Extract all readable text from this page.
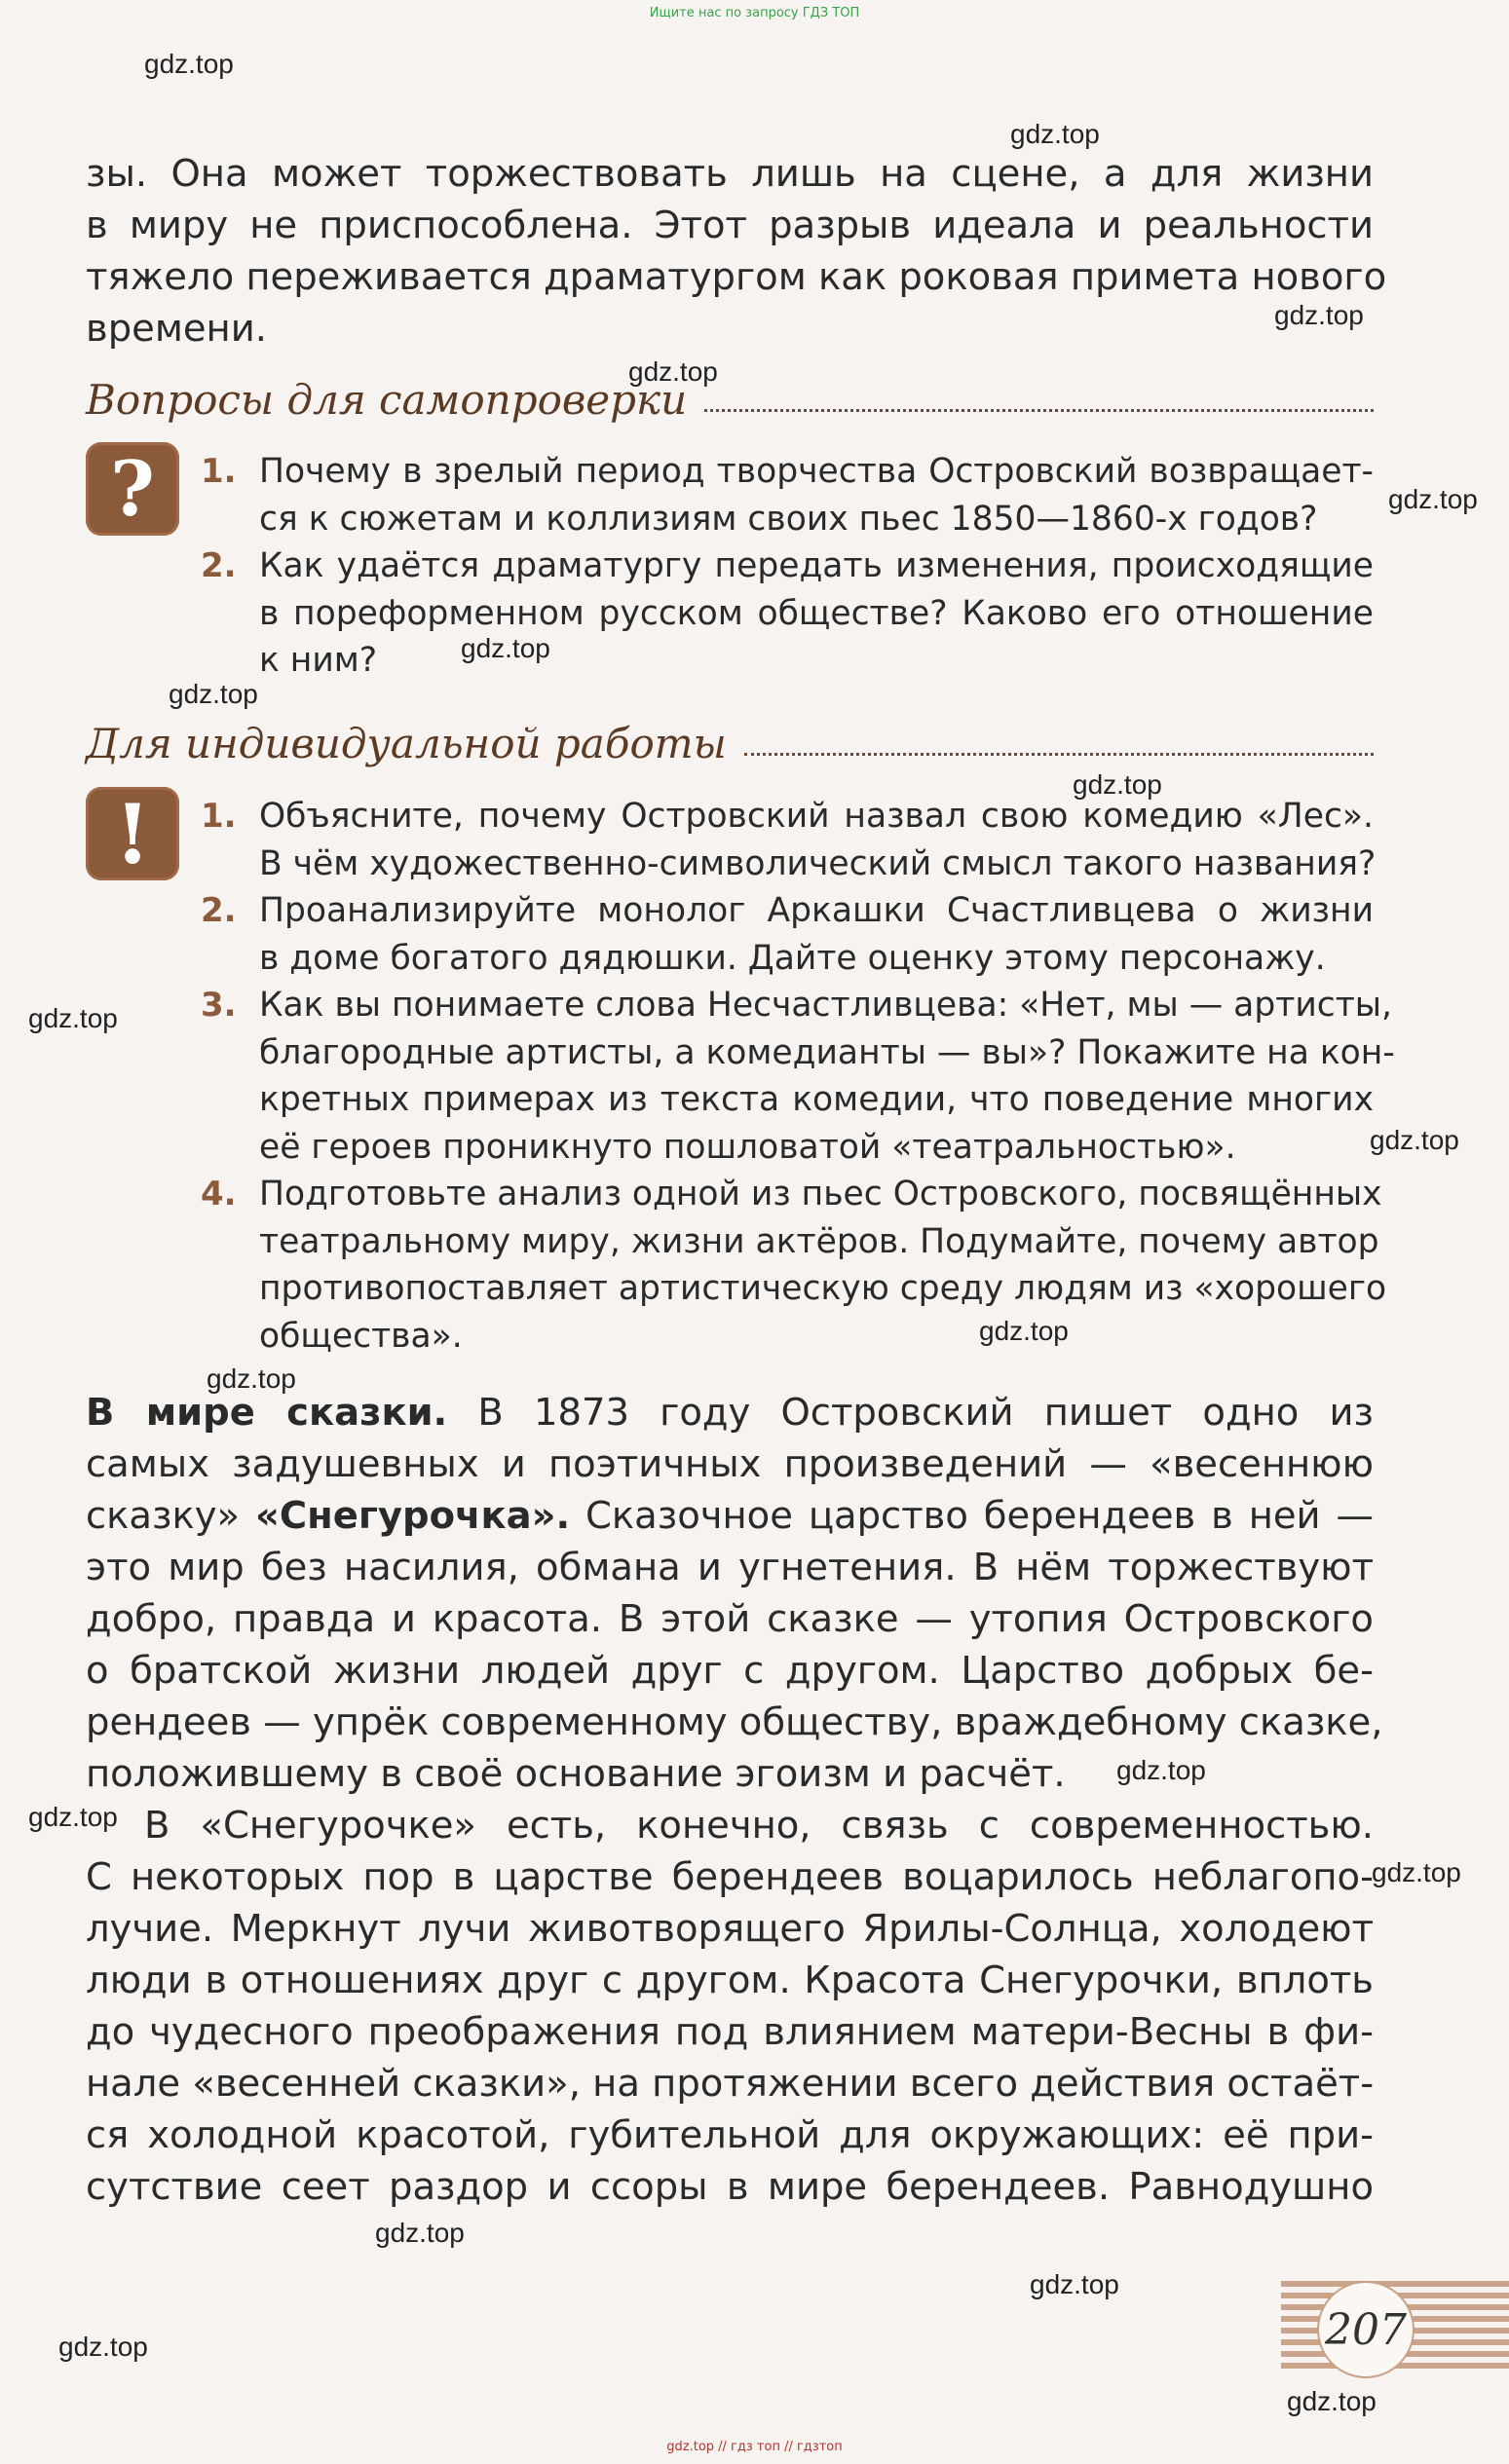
Ищите нас по запросу ГДЗ ТОП
зы. Она может торжествовать лишь на сцене, а для жизни
в миру не приспособлена. Этот разрыв идеала и реальности
тяжело переживается драматургом как роковая примета нового
времени.
Вопросы для самопроверки
? 1. Почему в зрелый период творчества Островский возвращает-
ся к сюжетам и коллизиям своих пьес 1850—1860-х годов?
2. Как удаётся драматургу передать изменения, происходящие
в пореформенном русском обществе? Каково его отношение
к ним?
Для индивидуальной работы
! 1. Объясните, почему Островский назвал свою комедию «Лес».
В чём художественно-символический смысл такого названия?
2. Проанализируйте монолог Аркашки Счастливцева о жизни
в доме богатого дядюшки. Дайте оценку этому персонажу.
3. Как вы понимаете слова Несчастливцева: «Нет, мы — артисты,
благородные артисты, а комедианты — вы»? Покажите на кон-
кретных примерах из текста комедии, что поведение многих
её героев проникнуто пошловатой «театральностью».
4. Подготовьте анализ одной из пьес Островского, посвящённых
театральному миру, жизни актёров. Подумайте, почему автор
противопоставляет артистическую среду людям из «хорошего
общества».
В мире сказки. В 1873 году Островский пишет одно из
самых задушевных и поэтичных произведений — «весеннюю
сказку» «Снегурочка». Сказочное царство берендеев в ней —
это мир без насилия, обмана и угнетения. В нём торжествуют
добро, правда и красота. В этой сказке — утопия Островского
о братской жизни людей друг с другом. Царство добрых бе-
рендеев — упрёк современному обществу, враждебному сказке,
положившему в своё основание эгоизм и расчёт.
В «Снегурочке» есть, конечно, связь с современностью.
С некоторых пор в царстве берендеев воцарилось неблагопо-
лучие. Меркнут лучи животворящего Ярилы-Солнца, холодеют
люди в отношениях друг с другом. Красота Снегурочки, вплоть
до чудесного преображения под влиянием матери-Весны в фи-
нале «весенней сказки», на протяжении всего действия остаёт-
ся холодной красотой, губительной для окружающих: её при-
сутствие сеет раздор и ссоры в мире берендеев. Равнодушно
gdz.top
gdz.top
gdz.top
gdz.top
gdz.top
gdz.top
gdz.top
gdz.top
gdz.top
gdz.top
gdz.top
gdz.top
gdz.top
gdz.top
gdz.top
gdz.top
gdz.top
gdz.top
gdz.top
207
gdz.top // гдз топ // гдзтоп
